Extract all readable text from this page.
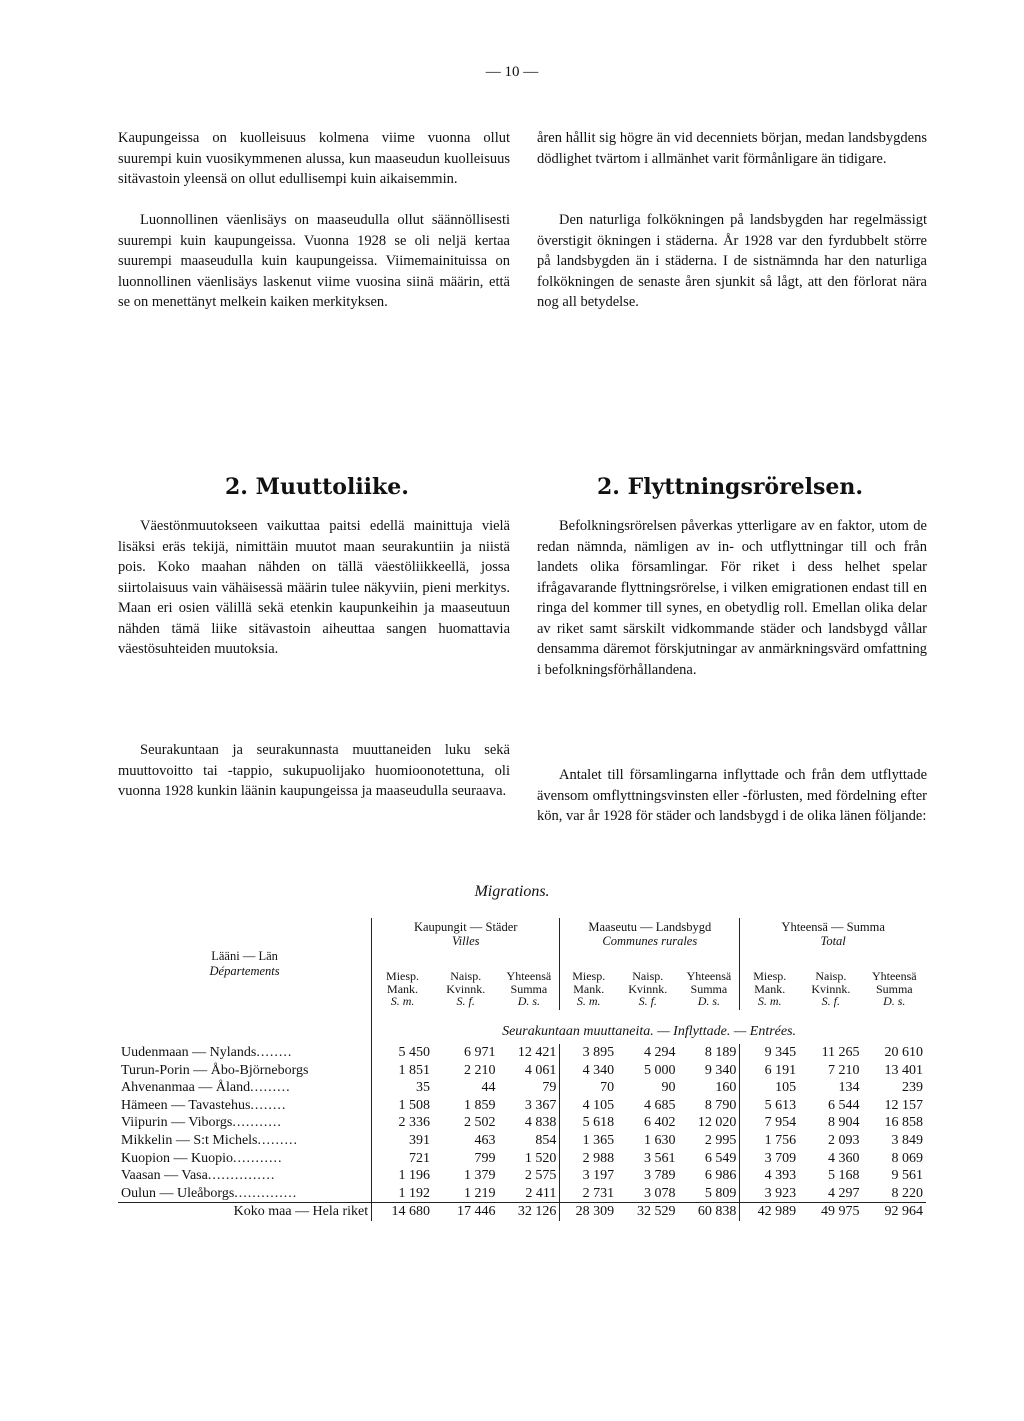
— 10 —

Kaupungeissa on kuolleisuus kolmena viime vuonna ollut suurempi kuin vuosikymmenen alussa, kun maaseudun kuolleisuus sitävastoin yleensä on ollut edullisempi kuin aikaisemmin.

Luonnollinen väenlisäys on maaseudulla ollut säännöllisesti suurempi kuin kaupungeissa. Vuonna 1928 se oli neljä kertaa suurempi maaseudulla kuin kaupungeissa. Viimemainituissa on luonnollinen väenlisäys laskenut viime vuosina siinä määrin, että se on menettänyt melkein kaiken merkityksen.

åren hållit sig högre än vid decenniets början, medan landsbygdens dödlighet tvärtom i allmänhet varit förmånligare än tidigare.

Den naturliga folkökningen på landsbygden har regelmässigt överstigit ökningen i städerna. År 1928 var den fyrdubbelt större på landsbygden än i städerna. I de sistnämnda har den naturliga folkökningen de senaste åren sjunkit så lågt, att den förlorat nära nog all betydelse.

2. Muuttoliike.	2. Flyttningsrörelsen.

Väestönmuutokseen vaikuttaa paitsi edellä mainittuja vielä lisäksi eräs tekijä, nimittäin muutot maan seurakuntiin ja niistä pois. Koko maahan nähden on tällä väestöliikkeellä, jossa siirtolaisuus vain vähäisessä määrin tulee näkyviin, pieni merkitys. Maan eri osien välillä sekä etenkin kaupunkeihin ja maaseutuun nähden tämä liike sitävastoin aiheuttaa sangen huomattavia väestösuhteiden muutoksia.

Seurakuntaan ja seurakunnasta muuttaneiden luku sekä muuttovoitto tai -tappio, sukupuolijako huomioonotettuna, oli vuonna 1928 kunkin läänin kaupungeissa ja maaseudulla seuraava.

Befolkningsrörelsen påverkas ytterligare av en faktor, utom de redan nämnda, nämligen av in- och utflyttningar till och från landets olika församlingar. För riket i dess helhet spelar ifrågavarande flyttningsrörelse, i vilken emigrationen endast till en ringa del kommer till synes, en obetydlig roll. Emellan olika delar av riket samt särskilt vidkommande städer och landsbygd vållar densamma däremot förskjutningar av anmärkningsvärd omfattning i befolkningsförhållandena.

Antalet till församlingarna inflyttade och från dem utflyttade ävensom omflyttningsvinsten eller -förlusten, med fördelning efter kön, var år 1928 för städer och landsbygd i de olika länen följande:

Migrations.
Lääni — Län
Départements	Kaupungit — Städer
Villes			Maaseutu — Landsbygd
Communes rurales			Yhteensä — Summa
Total		

	Miesp.
Mank.
S. m.	Naisp.
Kvinnk.
S. f.	Yhteensä
Summa
D. s.	Miesp.
Mank.
S. m.	Naisp.
Kvinnk.
S. f.	Yhteensä
Summa
D. s.	Miesp.
Mank.
S. m.	Naisp.
Kvinnk.
S. f.	Yhteensä
Summa
D. s.

	Seurakuntaan muuttaneita. — Inflyttade. — Entrées.								
Uudenmaan — Nylands........	5 450	6 971	12 421	3 895	4 294	8 189	9 345	11 265	20 610
Turun-Porin — Åbo-Björneborgs	1 851	2 210	4 061	4 340	5 000	9 340	6 191	7 210	13 401
Ahvenanmaa — Åland.........	35	44	79	70	90	160	105	134	239
Hämeen — Tavastehus........	1 508	1 859	3 367	4 105	4 685	8 790	5 613	6 544	12 157
Viipurin — Viborgs...........	2 336	2 502	4 838	5 618	6 402	12 020	7 954	8 904	16 858
Mikkelin — S:t Michels.........	391	463	854	1 365	1 630	2 995	1 756	2 093	3 849
Kuopion — Kuopio...........	721	799	1 520	2 988	3 561	6 549	3 709	4 360	8 069
Vaasan — Vasa...............	1 196	1 379	2 575	3 197	3 789	6 986	4 393	5 168	9 561
Oulun — Uleåborgs..............	1 192	1 219	2 411	2 731	3 078	5 809	3 923	4 297	8 220
Koko maa — Hela riket	14 680	17 446	32 126	28 309	32 529	60 838	42 989	49 975	92 964
